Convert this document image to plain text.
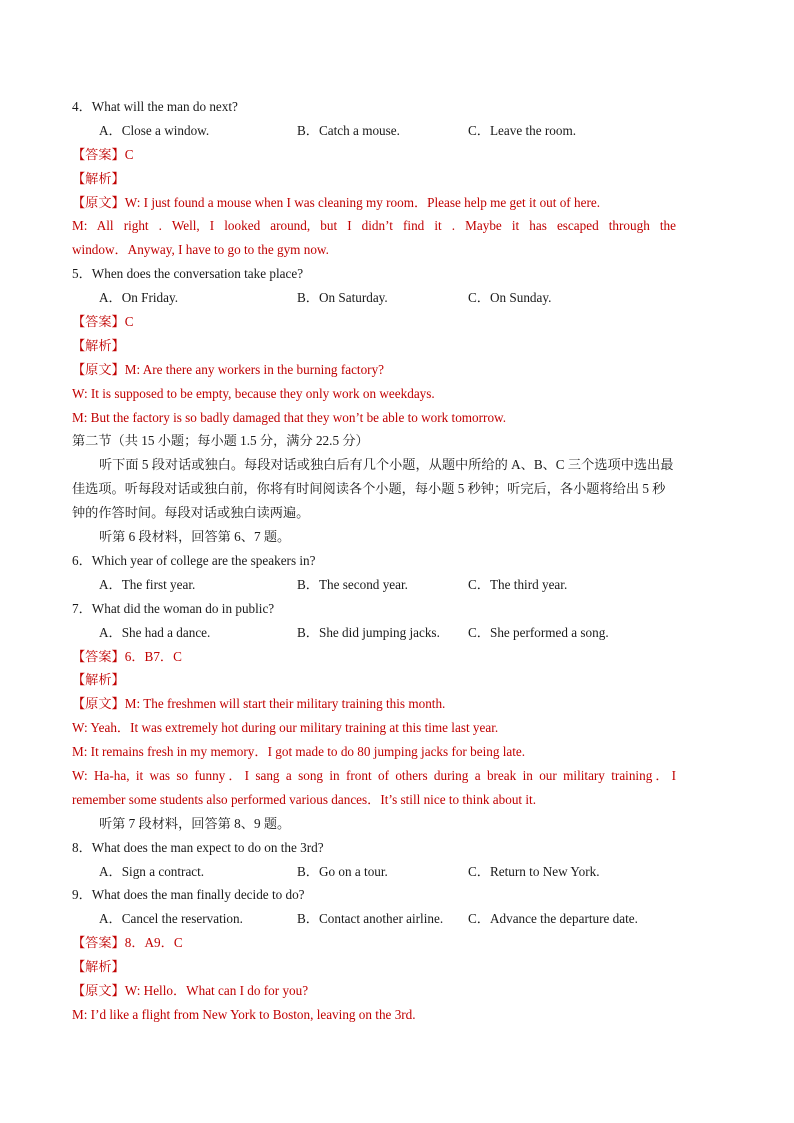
4．What will the man do next?
A．Close a window.	B．Catch a mouse.	C．Leave the room.
【答案】C
【解析】
【原文】W: I just found a mouse when I was cleaning my room．Please help me get it out of here.
M: All right . Well, I looked around, but I didn’t find it . Maybe it has escaped through the
window．Anyway, I have to go to the gym now.
5．When does the conversation take place?
A．On Friday.	B．On Saturday.	C．On Sunday.
【答案】C
【解析】
【原文】M: Are there any workers in the burning factory?
W: It is supposed to be empty, because they only work on weekdays.
M: But the factory is so badly damaged that they won’t be able to work tomorrow.
第二节（共 15 小题；每小题 1.5 分，满分 22.5 分）
听下面 5 段对话或独白。每段对话或独白后有几个小题，从题中所给的 A、B、C 三个选项中选出最佳选项。听每段对话或独白前，你将有时间阅读各个小题，每小题 5 秒钟；听完后，各小题将给出 5 秒钟的作答时间。每段对话或独白读两遍。
听第 6 段材料，回答第 6、7 题。
6．Which year of college are the speakers in?
A．The first year.	B．The second year.	C．The third year.
7．What did the woman do in public?
A．She had a dance.	B．She did jumping jacks. C．She performed a song.
【答案】6．B7．C
【解析】
【原文】M: The freshmen will start their military training this month.
W: Yeah．It was extremely hot during our military training at this time last year.
M: It remains fresh in my memory．I got made to do 80 jumping jacks for being late.
W: Ha-ha, it was so funny．I sang a song in front of others during a break in our military training．I
remember some students also performed various dances．It’s still nice to think about it.
听第 7 段材料，回答第 8、9 题。
8．What does the man expect to do on the 3rd?
A．Sign a contract.	B．Go on a tour.	C．Return to New York.
9．What does the man finally decide to do?
A．Cancel the reservation.	B．Contact another airline. C．Advance the departure date.
【答案】8．A9．C
【解析】
【原文】W: Hello．What can I do for you?
M: I’d like a flight from New York to Boston, leaving on the 3rd.
